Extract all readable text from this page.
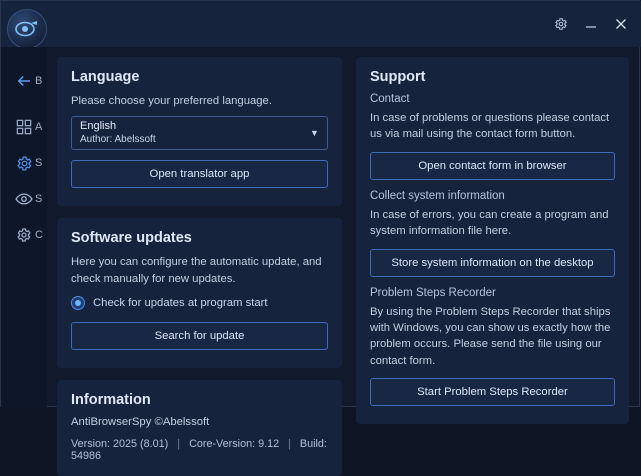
B
A
S
S
C
Language

Please choose your preferred language.

English
Author: Abelssoft
▼
Open translator app
Software updates

Here you can configure the automatic update, and check manually for new updates.

Check for updates at program start
Search for update
Information

AntiBrowserSpy ©Abelssoft

Version: 2025 (8.01) | Core-Version: 9.12 | Build: 54986

Support
Contact

In case of problems or questions please contact us via mail using the contact form button.

Open contact form in browser
Collect system information

In case of errors, you can create a program and system information file here.

Store system information on the desktop
Problem Steps Recorder

By using the Problem Steps Recorder that ships with Windows, you can show us exactly how the problem occurs. Please send the file using our contact form.

Start Problem Steps Recorder
